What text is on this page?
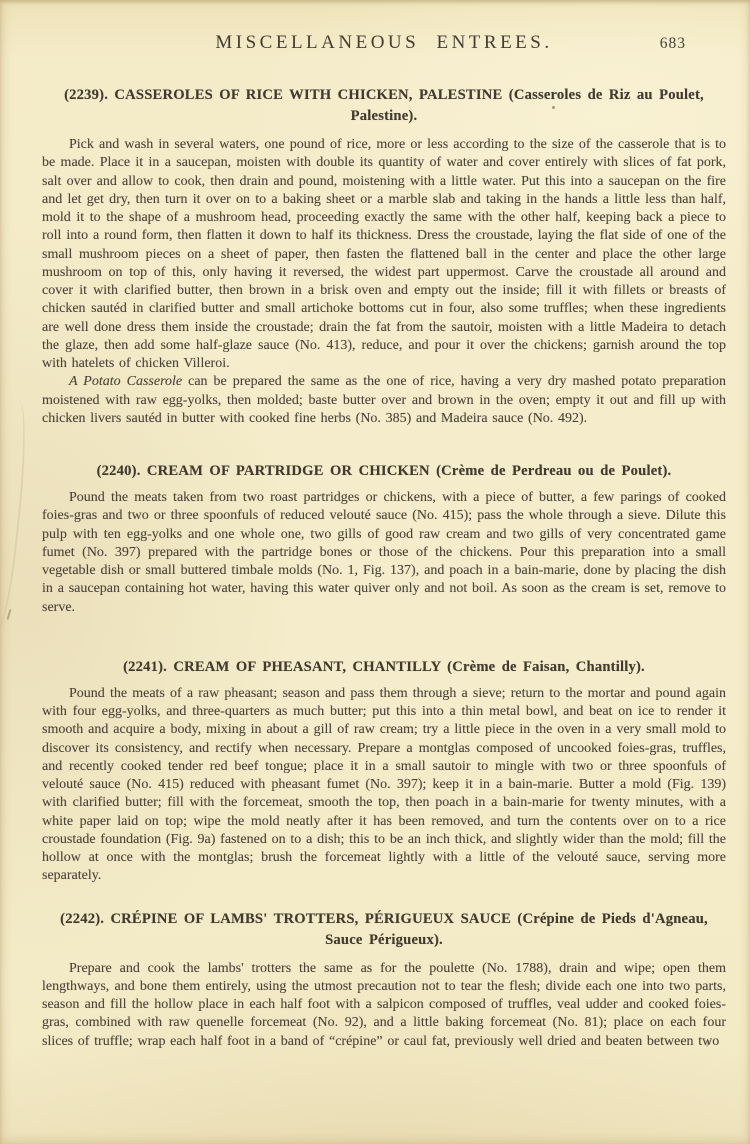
MISCELLANEOUS ENTREES.	683
(2239). CASSEROLES OF RICE WITH CHICKEN, PALESTINE (Casseroles de Riz au Poulet, Palestine).

Pick and wash in several waters, one pound of rice, more or less according to the size of the casserole that is to be made. Place it in a saucepan, moisten with double its quantity of water and cover entirely with slices of fat pork, salt over and allow to cook, then drain and pound, moistening with a little water. Put this into a saucepan on the fire and let get dry, then turn it over on to a baking sheet or a marble slab and taking in the hands a little less than half, mold it to the shape of a mushroom head, proceeding exactly the same with the other half, keeping back a piece to roll into a round form, then flatten it down to half its thickness. Dress the croustade, laying the flat side of one of the small mushroom pieces on a sheet of paper, then fasten the flattened ball in the center and place the other large mushroom on top of this, only having it reversed, the widest part uppermost. Carve the croustade all around and cover it with clarified butter, then brown in a brisk oven and empty out the inside; fill it with fillets or breasts of chicken sautéd in clarified butter and small artichoke bottoms cut in four, also some truffles; when these ingredients are well done dress them inside the croustade; drain the fat from the sautoir, moisten with a little Madeira to detach the glaze, then add some half-glaze sauce (No. 413), reduce, and pour it over the chickens; garnish around the top with hatelets of chicken Villeroi.

A Potato Casserole can be prepared the same as the one of rice, having a very dry mashed potato preparation moistened with raw egg-yolks, then molded; baste butter over and brown in the oven; empty it out and fill up with chicken livers sautéd in butter with cooked fine herbs (No. 385) and Madeira sauce (No. 492).

(2240). CREAM OF PARTRIDGE OR CHICKEN (Crème de Perdreau ou de Poulet).

Pound the meats taken from two roast partridges or chickens, with a piece of butter, a few parings of cooked foies-gras and two or three spoonfuls of reduced velouté sauce (No. 415); pass the whole through a sieve. Dilute this pulp with ten egg-yolks and one whole one, two gills of good raw cream and two gills of very concentrated game fumet (No. 397) prepared with the partridge bones or those of the chickens. Pour this preparation into a small vegetable dish or small buttered timbale molds (No. 1, Fig. 137), and poach in a bain-marie, done by placing the dish in a saucepan containing hot water, having this water quiver only and not boil. As soon as the cream is set, remove to serve.

(2241). CREAM OF PHEASANT, CHANTILLY (Crème de Faisan, Chantilly).

Pound the meats of a raw pheasant; season and pass them through a sieve; return to the mortar and pound again with four egg-yolks, and three-quarters as much butter; put this into a thin metal bowl, and beat on ice to render it smooth and acquire a body, mixing in about a gill of raw cream; try a little piece in the oven in a very small mold to discover its consistency, and rectify when necessary. Prepare a montglas composed of uncooked foies-gras, truffles, and recently cooked tender red beef tongue; place it in a small sautoir to mingle with two or three spoonfuls of velouté sauce (No. 415) reduced with pheasant fumet (No. 397); keep it in a bain-marie. Butter a mold (Fig. 139) with clarified butter; fill with the forcemeat, smooth the top, then poach in a bain-marie for twenty minutes, with a white paper laid on top; wipe the mold neatly after it has been removed, and turn the contents over on to a rice croustade foundation (Fig. 9a) fastened on to a dish; this to be an inch thick, and slightly wider than the mold; fill the hollow at once with the montglas; brush the forcemeat lightly with a little of the velouté sauce, serving more separately.

(2242). CRÉPINE OF LAMBS' TROTTERS, PÉRIGUEUX SAUCE (Crépine de Pieds d'Agneau, Sauce Périgueux).

Prepare and cook the lambs' trotters the same as for the poulette (No. 1788), drain and wipe; open them lengthways, and bone them entirely, using the utmost precaution not to tear the flesh; divide each one into two parts, season and fill the hollow place in each half foot with a salpicon composed of truffles, veal udder and cooked foies-gras, combined with raw quenelle forcemeat (No. 92), and a little baking forcemeat (No. 81); place on each four slices of truffle; wrap each half foot in a band of “crépine” or caul fat, previously well dried and beaten between two
